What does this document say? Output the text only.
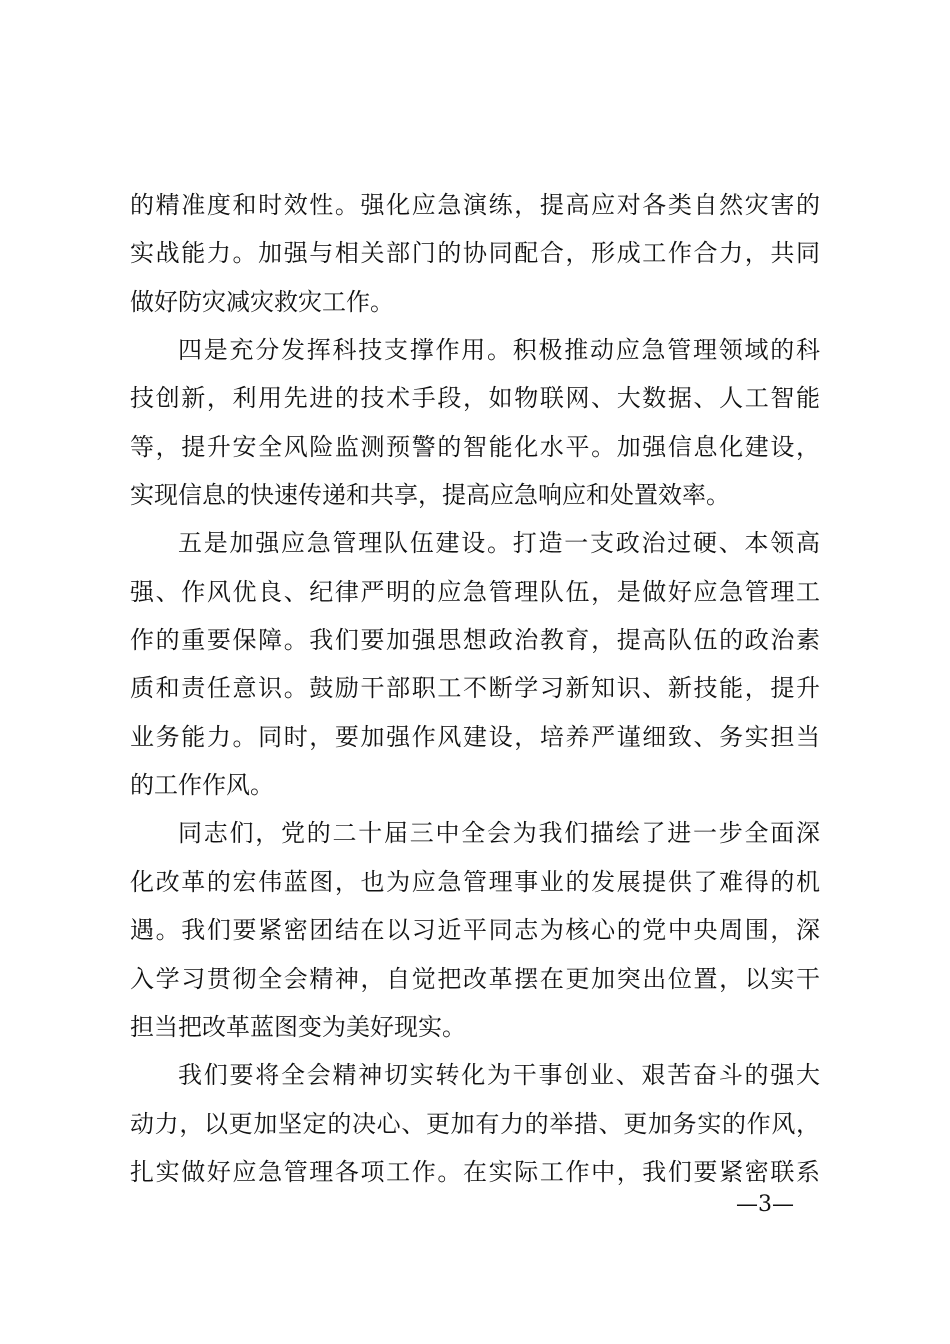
的精准度和时效性。强化应急演练，提高应对各类自然灾害的
实战能力。加强与相关部门的协同配合，形成工作合力，共同
做好防灾减灾救灾工作。
四是充分发挥科技支撑作用。积极推动应急管理领域的科
技创新，利用先进的技术手段，如物联网、大数据、人工智能
等，提升安全风险监测预警的智能化水平。加强信息化建设，
实现信息的快速传递和共享，提高应急响应和处置效率。
五是加强应急管理队伍建设。打造一支政治过硬、本领高
强、作风优良、纪律严明的应急管理队伍，是做好应急管理工
作的重要保障。我们要加强思想政治教育，提高队伍的政治素
质和责任意识。鼓励干部职工不断学习新知识、新技能，提升
业务能力。同时，要加强作风建设，培养严谨细致、务实担当
的工作作风。
同志们，党的二十届三中全会为我们描绘了进一步全面深
化改革的宏伟蓝图，也为应急管理事业的发展提供了难得的机
遇。我们要紧密团结在以习近平同志为核心的党中央周围，深
入学习贯彻全会精神，自觉把改革摆在更加突出位置，以实干
担当把改革蓝图变为美好现实。
我们要将全会精神切实转化为干事创业、艰苦奋斗的强大
动力，以更加坚定的决心、更加有力的举措、更加务实的作风，
扎实做好应急管理各项工作。在实际工作中，我们要紧密联系
—3—
